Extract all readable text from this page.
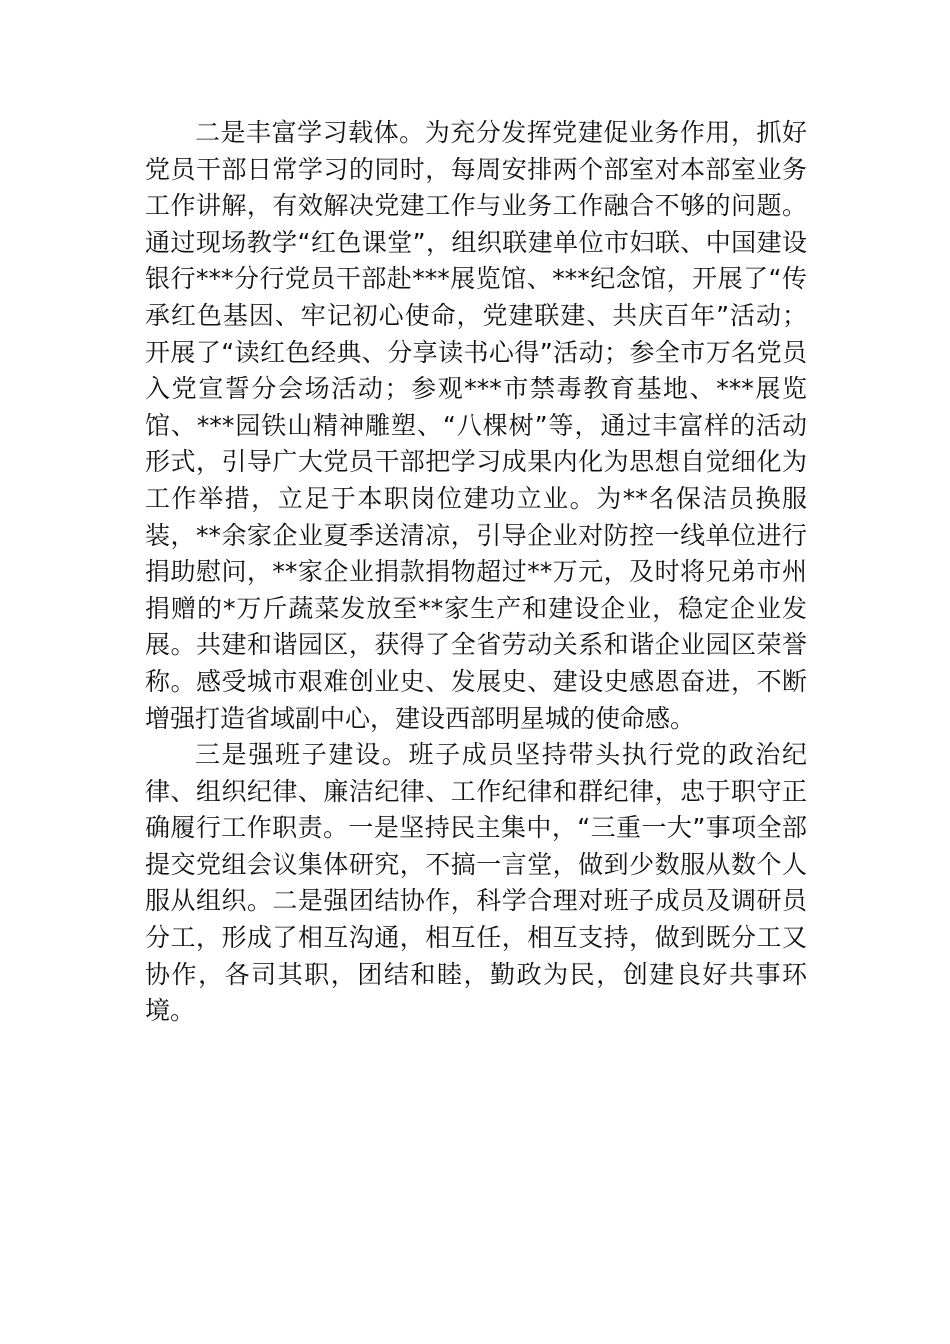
二是丰富学习载体。为充分发挥党建促业务作用，抓好党员干部日常学习的同时，每周安排两个部室对本部室业务工作讲解，有效解决党建工作与业务工作融合不够的问题。通过现场教学“红色课堂”，组织联建单位市妇联、中国建设银行***分行党员干部赴***展览馆、***纪念馆，开展了“传承红色基因、牢记初心使命，党建联建、共庆百年”活动；开展了“读红色经典、分享读书心得”活动；参全市万名党员入党宣誓分会场活动；参观***市禁毒教育基地、***展览馆、***园铁山精神雕塑、“八棵树”等，通过丰富样的活动形式，引导广大党员干部把学习成果内化为思想自觉细化为工作举措，立足于本职岗位建功立业。为**名保洁员换服装，**余家企业夏季送清凉，引导企业对防控一线单位进行捐助慰问，**家企业捐款捐物超过**万元，及时将兄弟市州捐赠的*万斤蔬菜发放至**家生产和建设企业，稳定企业发展。共建和谐园区，获得了全省劳动关系和谐企业园区荣誉称。感受城市艰难创业史、发展史、建设史感恩奋进，不断增强打造省域副中心，建设西部明星城的使命感。

三是强班子建设。班子成员坚持带头执行党的政治纪律、组织纪律、廉洁纪律、工作纪律和群纪律，忠于职守正确履行工作职责。一是坚持民主集中，“三重一大”事项全部提交党组会议集体研究，不搞一言堂，做到少数服从数个人服从组织。二是强团结协作，科学合理对班子成员及调研员分工，形成了相互沟通，相互任，相互支持，做到既分工又协作，各司其职，团结和睦，勤政为民，创建良好共事环境。
